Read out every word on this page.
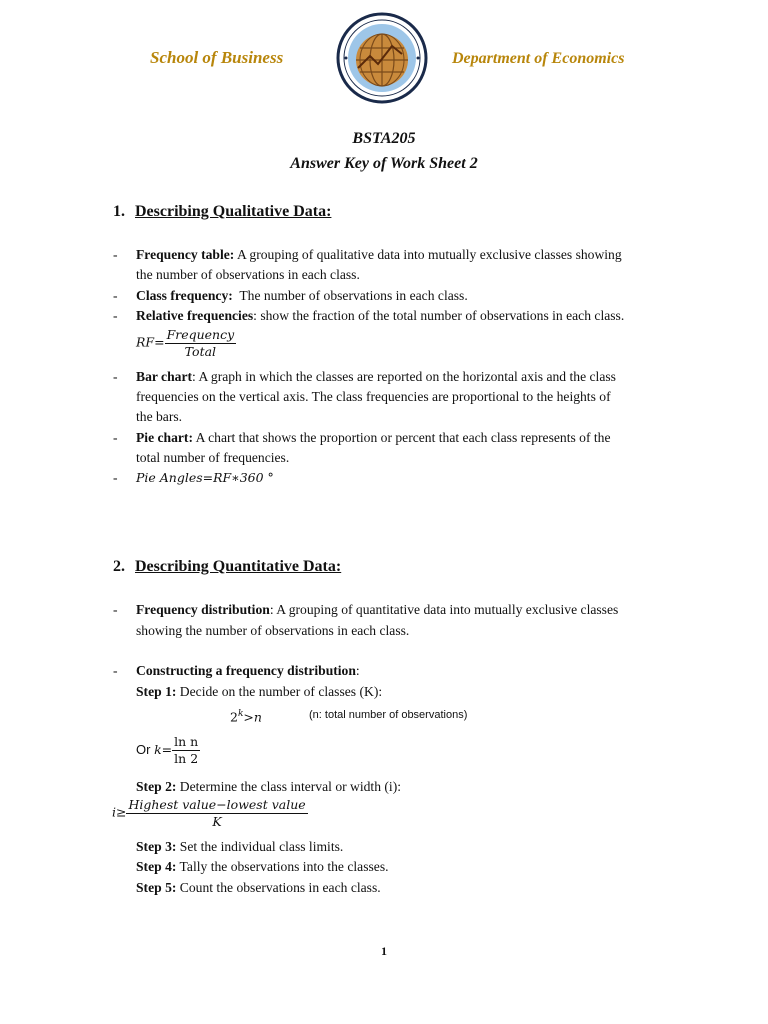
School of Business	Department of Economics
BSTA205
Answer Key of Work Sheet 2
1. Describing Qualitative Data:
- Frequency table: A grouping of qualitative data into mutually exclusive classes showing
the number of observations in each class.
- Class frequency:  The number of observations in each class.
- Relative frequencies: show the fraction of the total number of observations in each class.
$RF= \frac{\text{Frequency}}{\text{Total}}$
- Bar chart: A graph in which the classes are reported on the horizontal axis and the class
frequencies on the vertical axis. The class frequencies are proportional to the heights of
the bars.
- Pie chart: A chart that shows the proportion or percent that each class represents of the
total number of frequencies.
- Pie Angles=RF∗360 °
2. Describing Quantitative Data:
- Frequency distribution: A grouping of quantitative data into mutually exclusive classes
showing the number of observations in each class.
- Constructing a frequency distribution:
Step 1: Decide on the number of classes (K):
$2^k>n$	(n: total number of observations)
Or $k= \frac{\text{ln n}}{\ln 2}$
Step 2: Determine the class interval or width (i):
$i\ge \frac{\text{Highest value−lowest value}}{K}$
Step 3: Set the individual class limits.
Step 4: Tally the observations into the classes.
Step 5: Count the observations in each class.
1
